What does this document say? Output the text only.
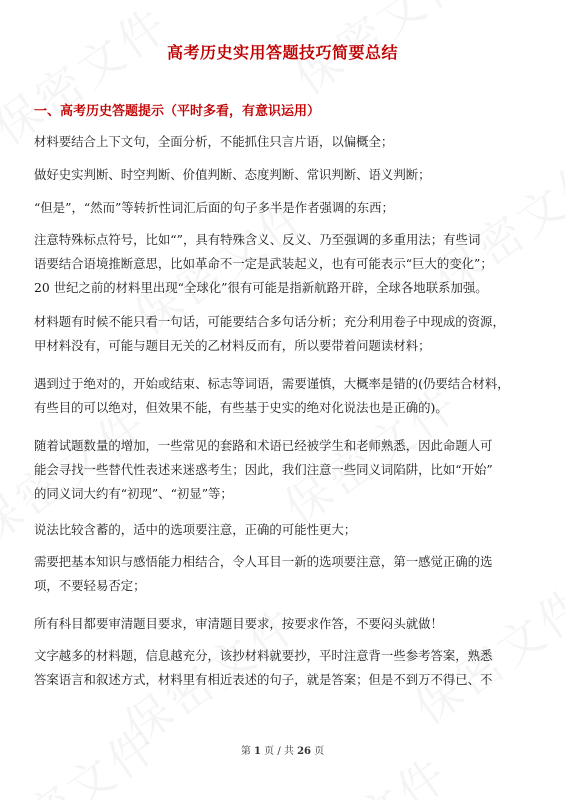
高考历史实用答题技巧简要总结
一、高考历史答题提示（平时多看，有意识运用）
材料要结合上下文句，全面分析，不能抓住只言片语，以偏概全；
做好史实判断、时空判断、价值判断、态度判断、常识判断、语义判断；
“但是”，“然而”等转折性词汇后面的句子多半是作者强调的东西；
注意特殊标点符号，比如“”，具有特殊含义、反义、乃至强调的多重用法；有些词
语要结合语境推断意思，比如革命不一定是武装起义，也有可能表示“巨大的变化”；
20 世纪之前的材料里出现“全球化”很有可能是指新航路开辟，全球各地联系加强。
材料题有时候不能只看一句话，可能要结合多句话分析；充分利用卷子中现成的资源，
甲材料没有，可能与题目无关的乙材料反而有，所以要带着问题读材料；
遇到过于绝对的，开始或结束、标志等词语，需要谨慎，大概率是错的(仍要结合材料，
有些目的可以绝对，但效果不能，有些基于史实的绝对化说法也是正确的)。
随着试题数量的增加，一些常见的套路和术语已经被学生和老师熟悉，因此命题人可
能会寻找一些替代性表述来迷惑考生；因此，我们注意一些同义词陷阱，比如“开始”
的同义词大约有“初现”、“初显”等；
说法比较含蓄的，适中的选项要注意，正确的可能性更大；
需要把基本知识与感悟能力相结合，令人耳目一新的选项要注意，第一感觉正确的选
项，不要轻易否定；
所有科目都要审清题目要求，审清题目要求，按要求作答，不要闷头就做！
文字越多的材料题，信息越充分，该抄材料就要抄，平时注意背一些参考答案，熟悉
答案语言和叙述方式，材料里有相近表述的句子，就是答案；但是不到万不得已、不
第 1 页 / 共 26 页
